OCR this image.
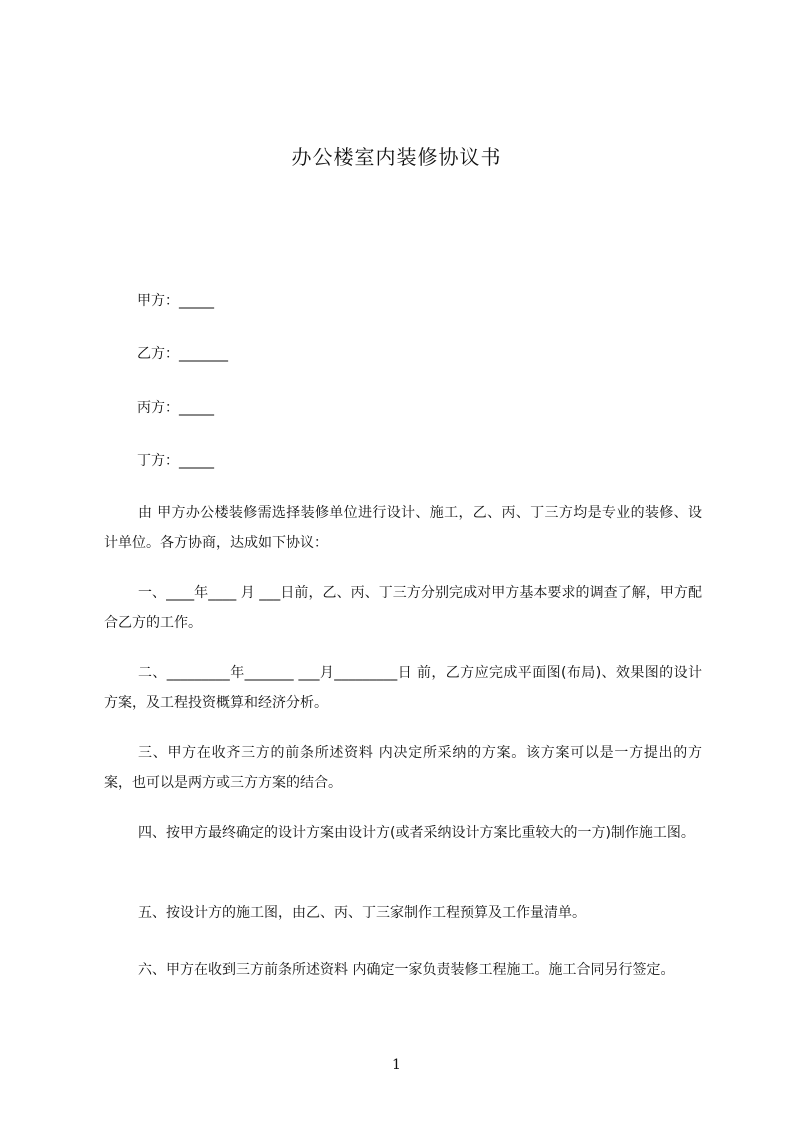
办公楼室内装修协议书
甲方：_____
乙方：_______
丙方：_____
丁方：_____
由 甲方办公楼装修需选择装修单位进行设计、施工，乙、丙、丁三方均是专业的装修、设计单位。各方协商，达成如下协议：
一、____年____ 月 ___日前，乙、丙、丁三方分别完成对甲方基本要求的调查了解，甲方配合乙方的工作。
二、_________年_______ ___月_________日 前，乙方应完成平面图(布局)、效果图的设计方案，及工程投资概算和经济分析。
三、甲方在收齐三方的前条所述资料 内决定所采纳的方案。该方案可以是一方提出的方案，也可以是两方或三方方案的结合。
四、按甲方最终确定的设计方案由设计方(或者采纳设计方案比重较大的一方)制作施工图。
五、按设计方的施工图，由乙、丙、丁三家制作工程预算及工作量清单。
六、甲方在收到三方前条所述资料 内确定一家负责装修工程施工。施工合同另行签定。
1
